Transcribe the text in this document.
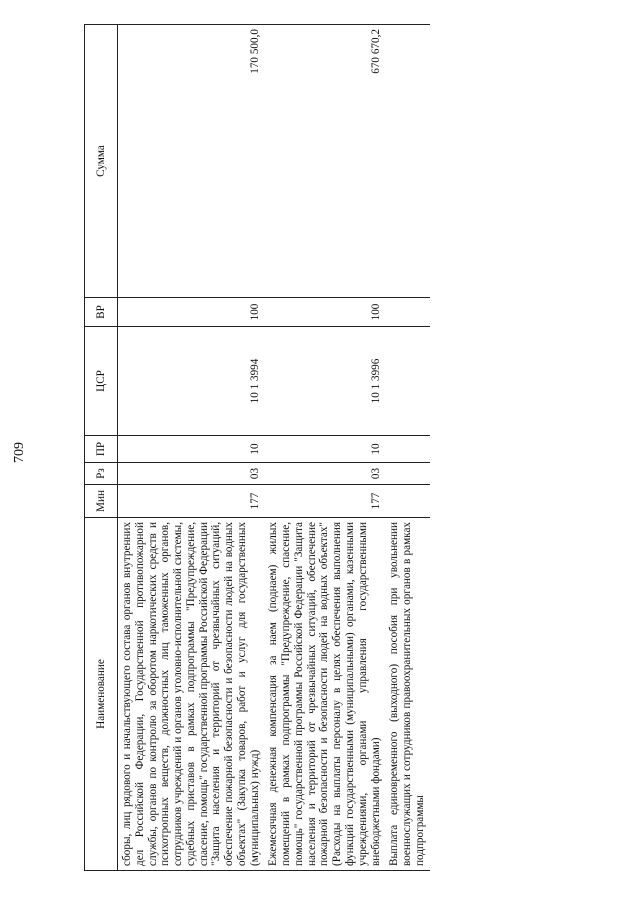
709
Наименование	Мин	Рз	ПР	ЦСР	ВР	Сумма
сборы, лиц рядового и начальствующего состава органов внутренних дел Российской Федерации, Государственной противопожарной службы, органов по контролю за оборотом наркотических средств и психотропных веществ, должностных лиц таможенных органов, сотрудников учреждений и органов уголовно-исполнительной системы, судебных приставов в рамках подпрограммы "Предупреждение, спасение, помощь" государственной программы Российской Федерации "Защита населения и территорий от чрезвычайных ситуаций, обеспечение пожарной безопасности и безопасности людей на водных объектах" (Закупка товаров, работ и услуг для государственных (муниципальных) нужд)	177	03	10	10 1 3994	100	170 500,0
Ежемесячная денежная компенсация за наем (поднаем) жилых помещений в рамках подпрограммы "Предупреждение, спасение, помощь" государственной программы Российской Федерации "Защита населения и территорий от чрезвычайных ситуаций, обеспечение пожарной безопасности и безопасности людей на водных объектах" (Расходы на выплаты персоналу в целях обеспечения выполнения функций государственными (муниципальными) органами, казенными учреждениями, органами управления государственными внебюджетными фондами)	177	03	10	10 1 3996	100	670 670,2
Выплата единовременного (выходного) пособия при увольнении военнослужащих и сотрудников правоохранительных органов в рамках подпрограммы						
